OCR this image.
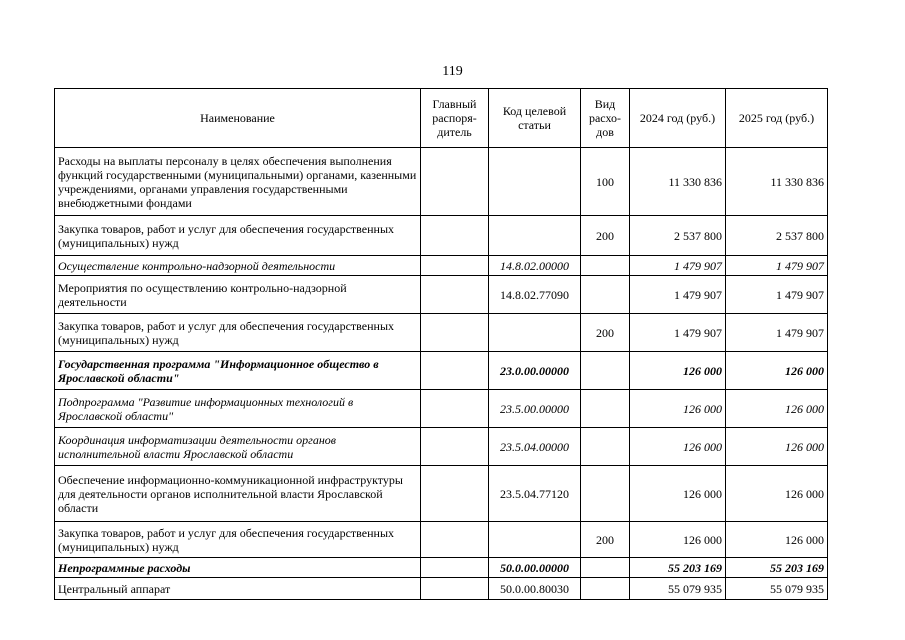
119
Наименование	Главный распоря- дитель	Код целевой статьи	Вид расхо- дов	2024 год (руб.)	2025 год (руб.)
Расходы на выплаты персоналу в целях обеспечения выполнения функций государственными (муниципальными) органами, казенными учреждениями, органами управления государственными внебюджетными фондами			100	11 330 836	11 330 836
Закупка товаров, работ и услуг для обеспечения государственных (муниципальных) нужд			200	2 537 800	2 537 800
Осуществление контрольно-надзорной деятельности		14.8.02.00000		1 479 907	1 479 907
Мероприятия по осуществлению контрольно-надзорной деятельности		14.8.02.77090		1 479 907	1 479 907
Закупка товаров, работ и услуг для обеспечения государственных (муниципальных) нужд			200	1 479 907	1 479 907
Государственная программа "Информационное общество в Ярославской области"		23.0.00.00000		126 000	126 000
Подпрограмма "Развитие информационных технологий в Ярославской области"		23.5.00.00000		126 000	126 000
Координация информатизации деятельности органов исполнительной власти Ярославской области		23.5.04.00000		126 000	126 000
Обеспечение информационно-коммуникационной инфраструктуры для деятельности органов исполнительной власти Ярославской области		23.5.04.77120		126 000	126 000
Закупка товаров, работ и услуг для обеспечения государственных (муниципальных) нужд			200	126 000	126 000
Непрограммные расходы		50.0.00.00000		55 203 169	55 203 169
Центральный аппарат		50.0.00.80030		55 079 935	55 079 935
